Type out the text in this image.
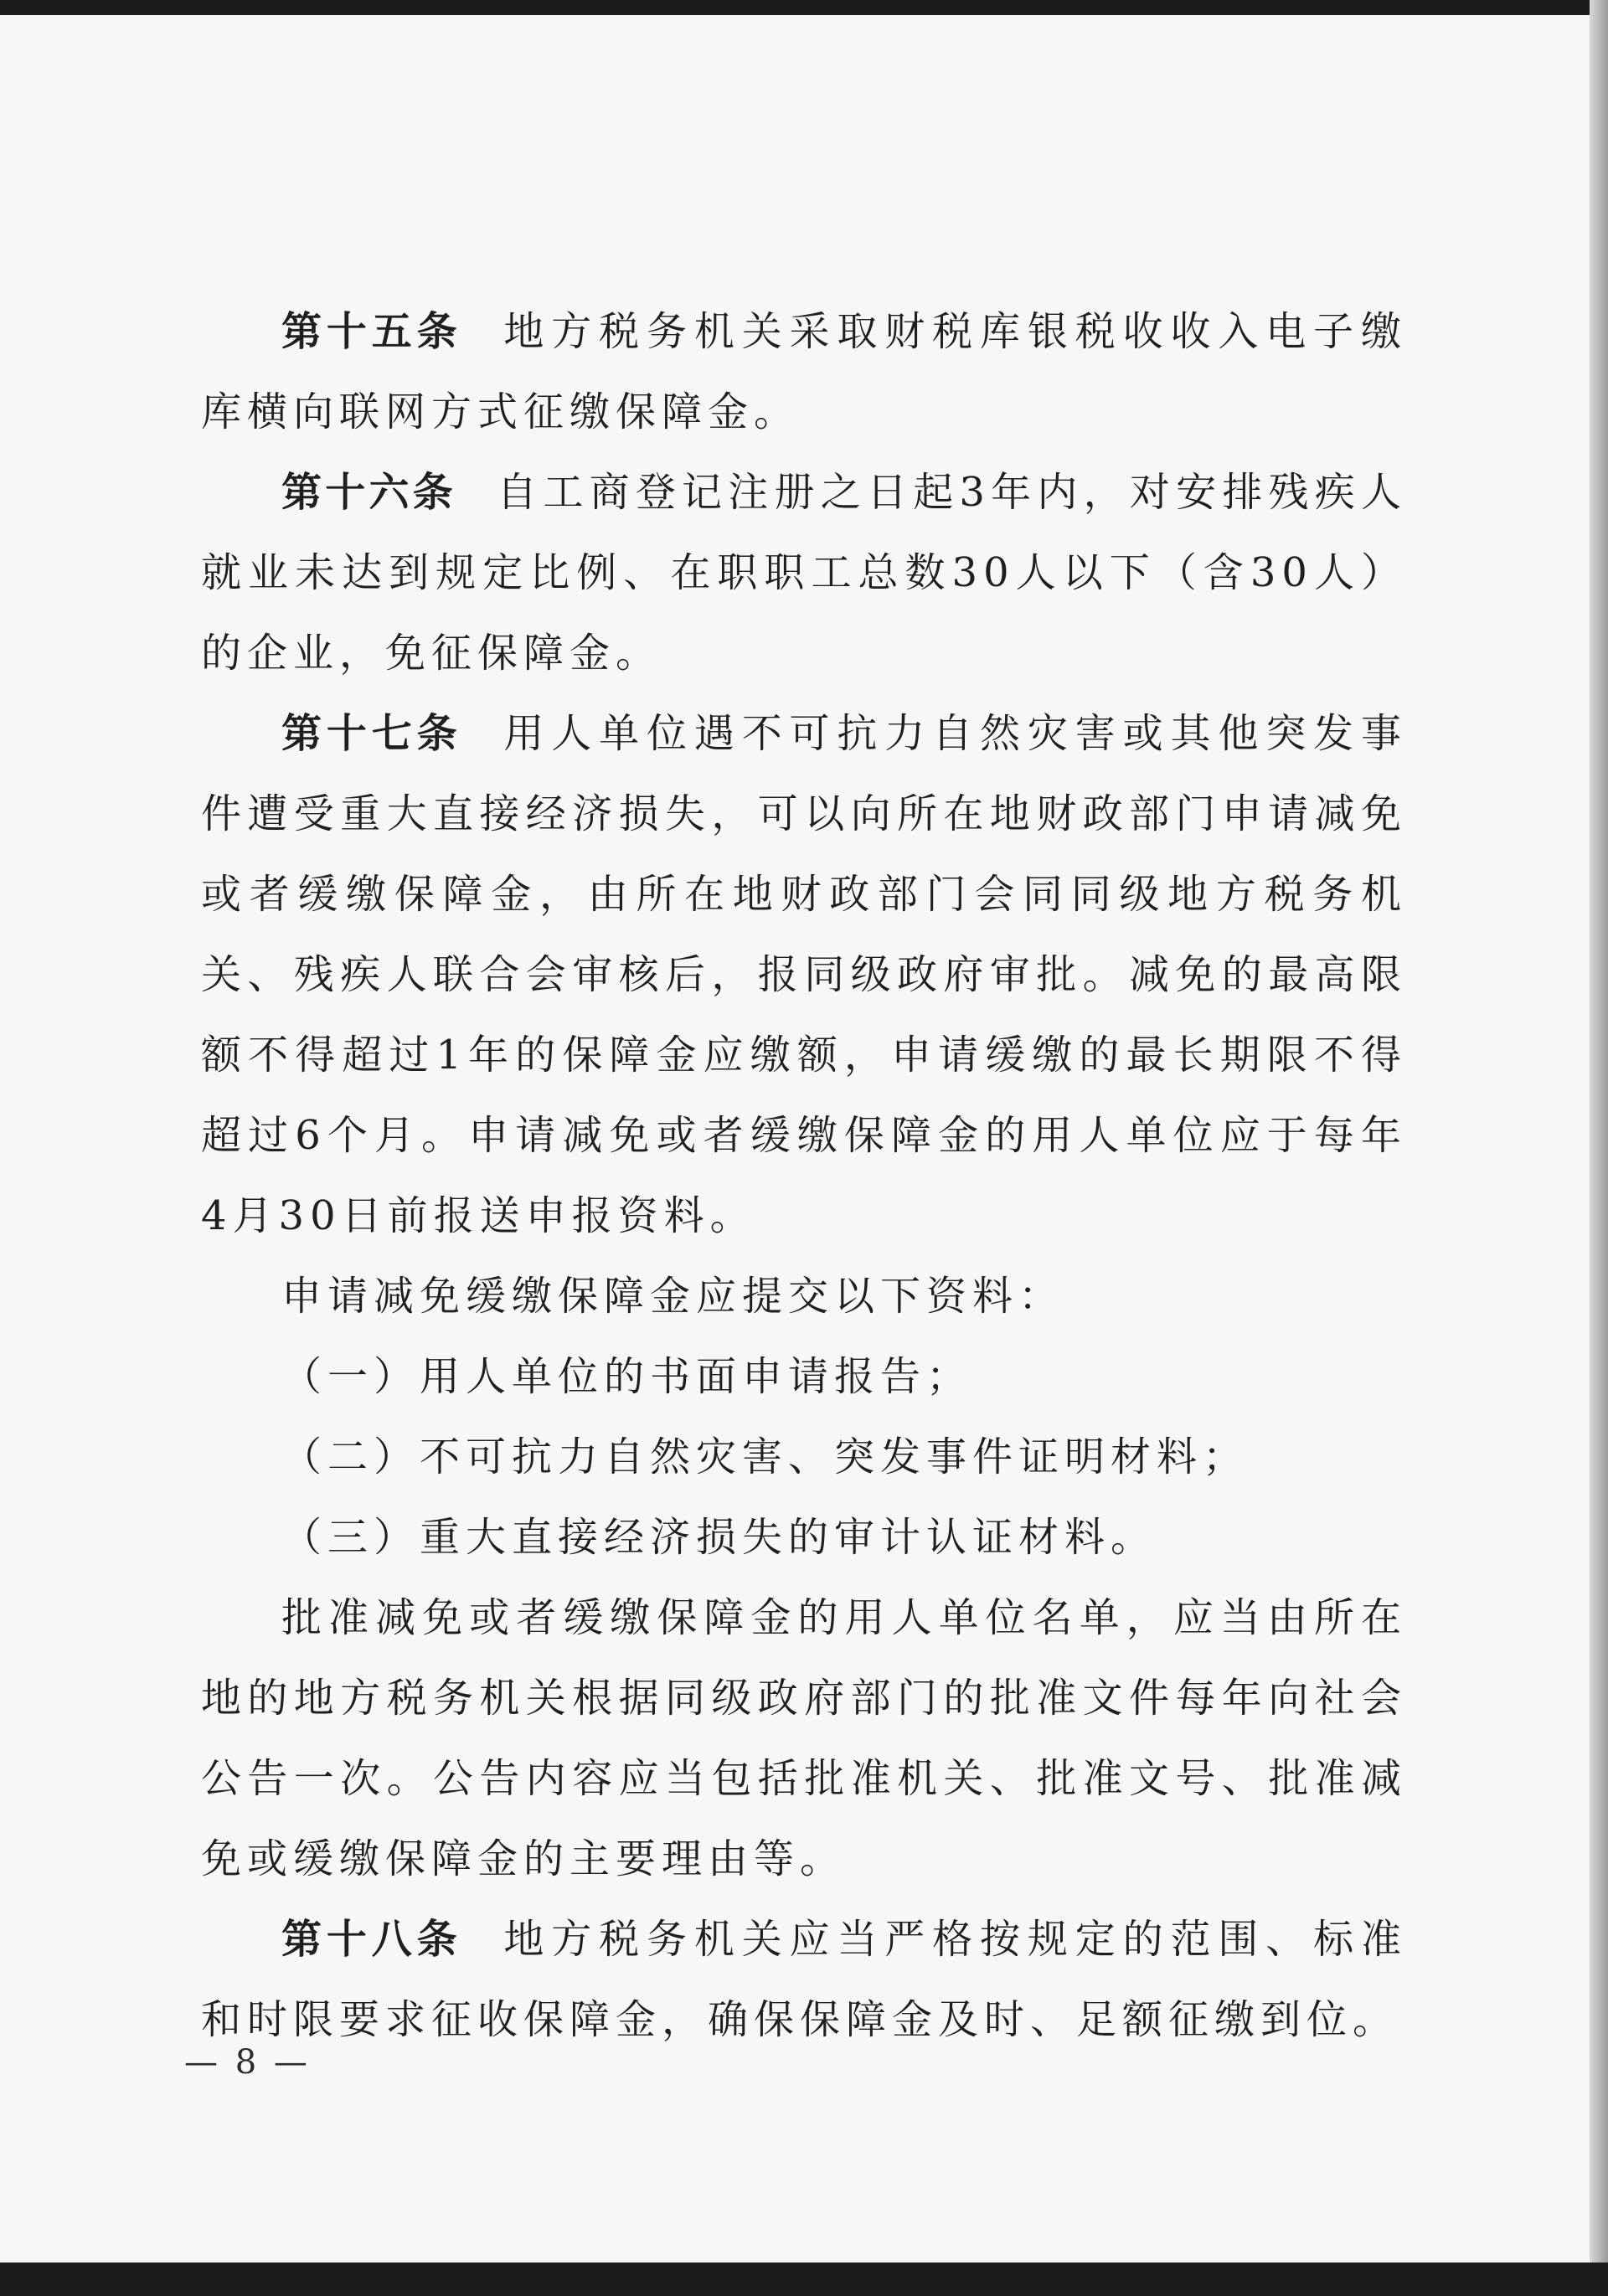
第十五条 地方税务机关采取财税库银税收收入电子缴库横向联网方式征缴保障金。

第十六条 自工商登记注册之日起3年内，对安排残疾人就业未达到规定比例、在职职工总数30人以下（含30人）的企业，免征保障金。

第十七条 用人单位遇不可抗力自然灾害或其他突发事件遭受重大直接经济损失，可以向所在地财政部门申请减免或者缓缴保障金，由所在地财政部门会同同级地方税务机关、残疾人联合会审核后，报同级政府审批。减免的最高限额不得超过1年的保障金应缴额，申请缓缴的最长期限不得超过6个月。申请减免或者缓缴保障金的用人单位应于每年4月30日前报送申报资料。

申请减免缓缴保障金应提交以下资料：

（一）用人单位的书面申请报告；

（二）不可抗力自然灾害、突发事件证明材料；

（三）重大直接经济损失的审计认证材料。

批准减免或者缓缴保障金的用人单位名单，应当由所在地的地方税务机关根据同级政府部门的批准文件每年向社会公告一次。公告内容应当包括批准机关、批准文号、批准减免或缓缴保障金的主要理由等。

第十八条 地方税务机关应当严格按规定的范围、标准和时限要求征收保障金，确保保障金及时、足额征缴到位。

— 8 —
